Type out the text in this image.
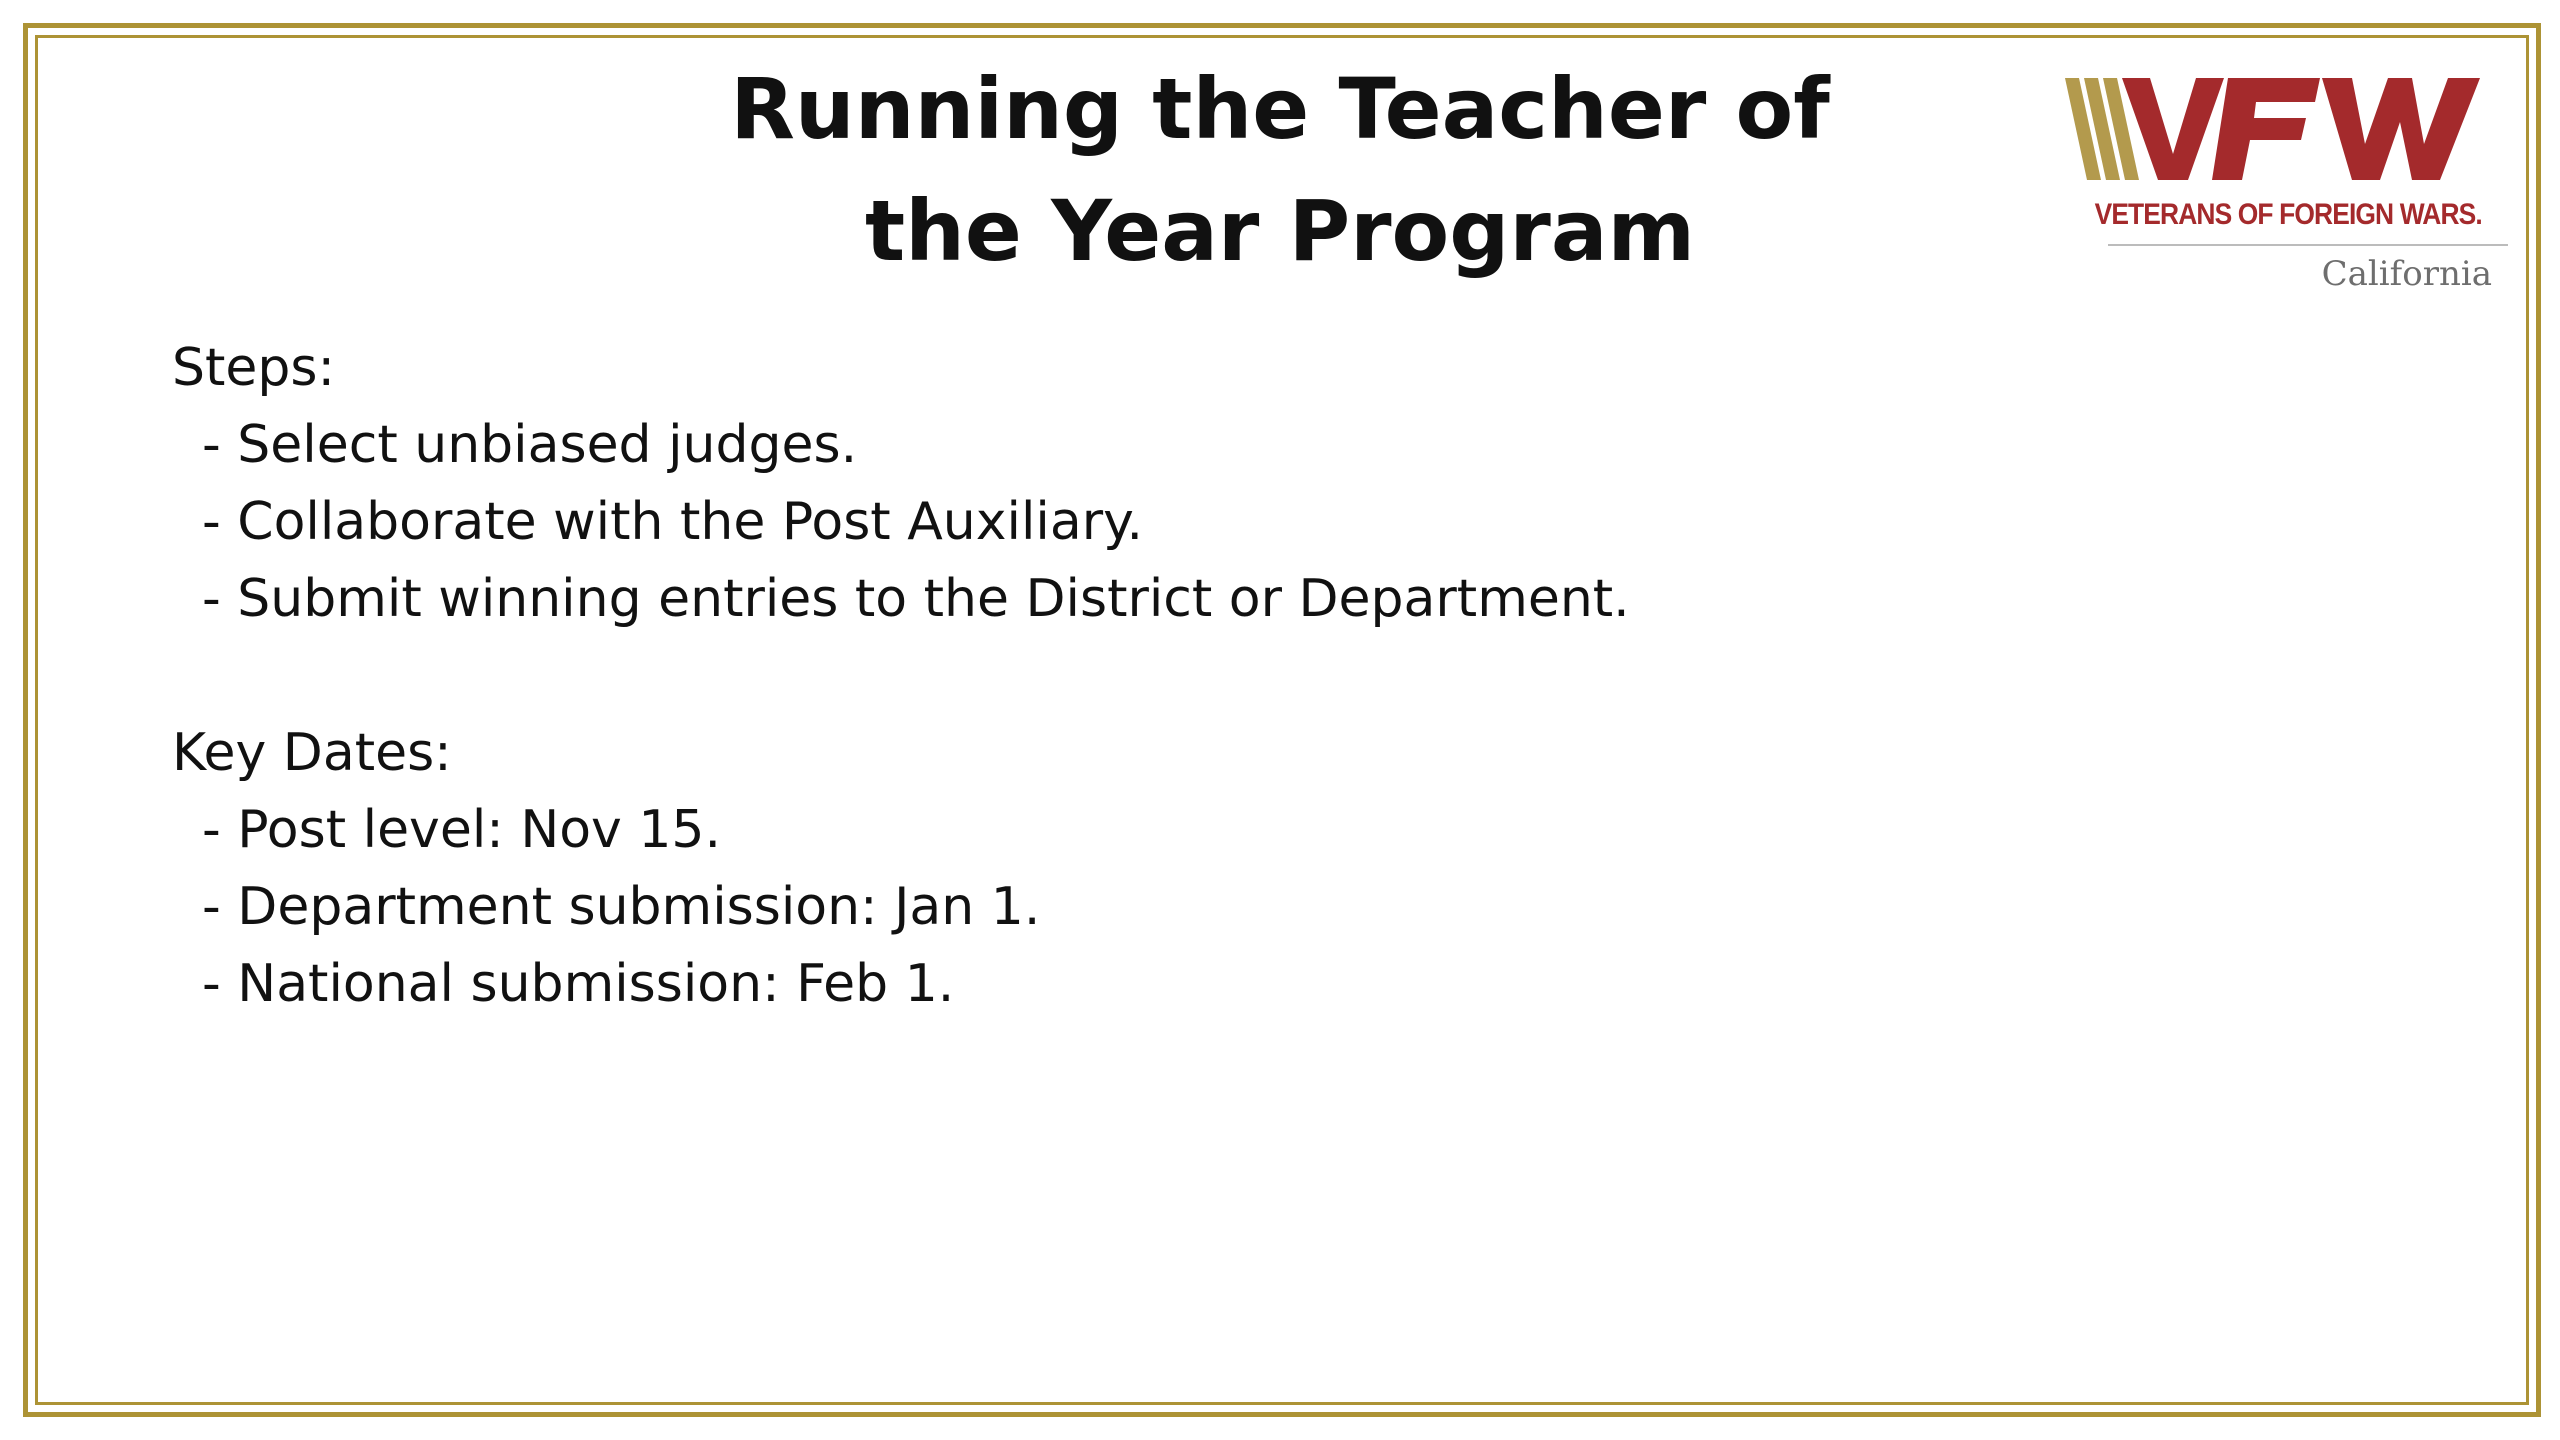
Running the Teacher of
the Year Program	VETERANS OF FOREIGN WARS.
California
Steps:
- Select unbiased judges.
- Collaborate with the Post Auxiliary.
- Submit winning entries to the District or Department.
Key Dates:
- Post level: Nov 15.
- Department submission: Jan 1.
- National submission: Feb 1.
